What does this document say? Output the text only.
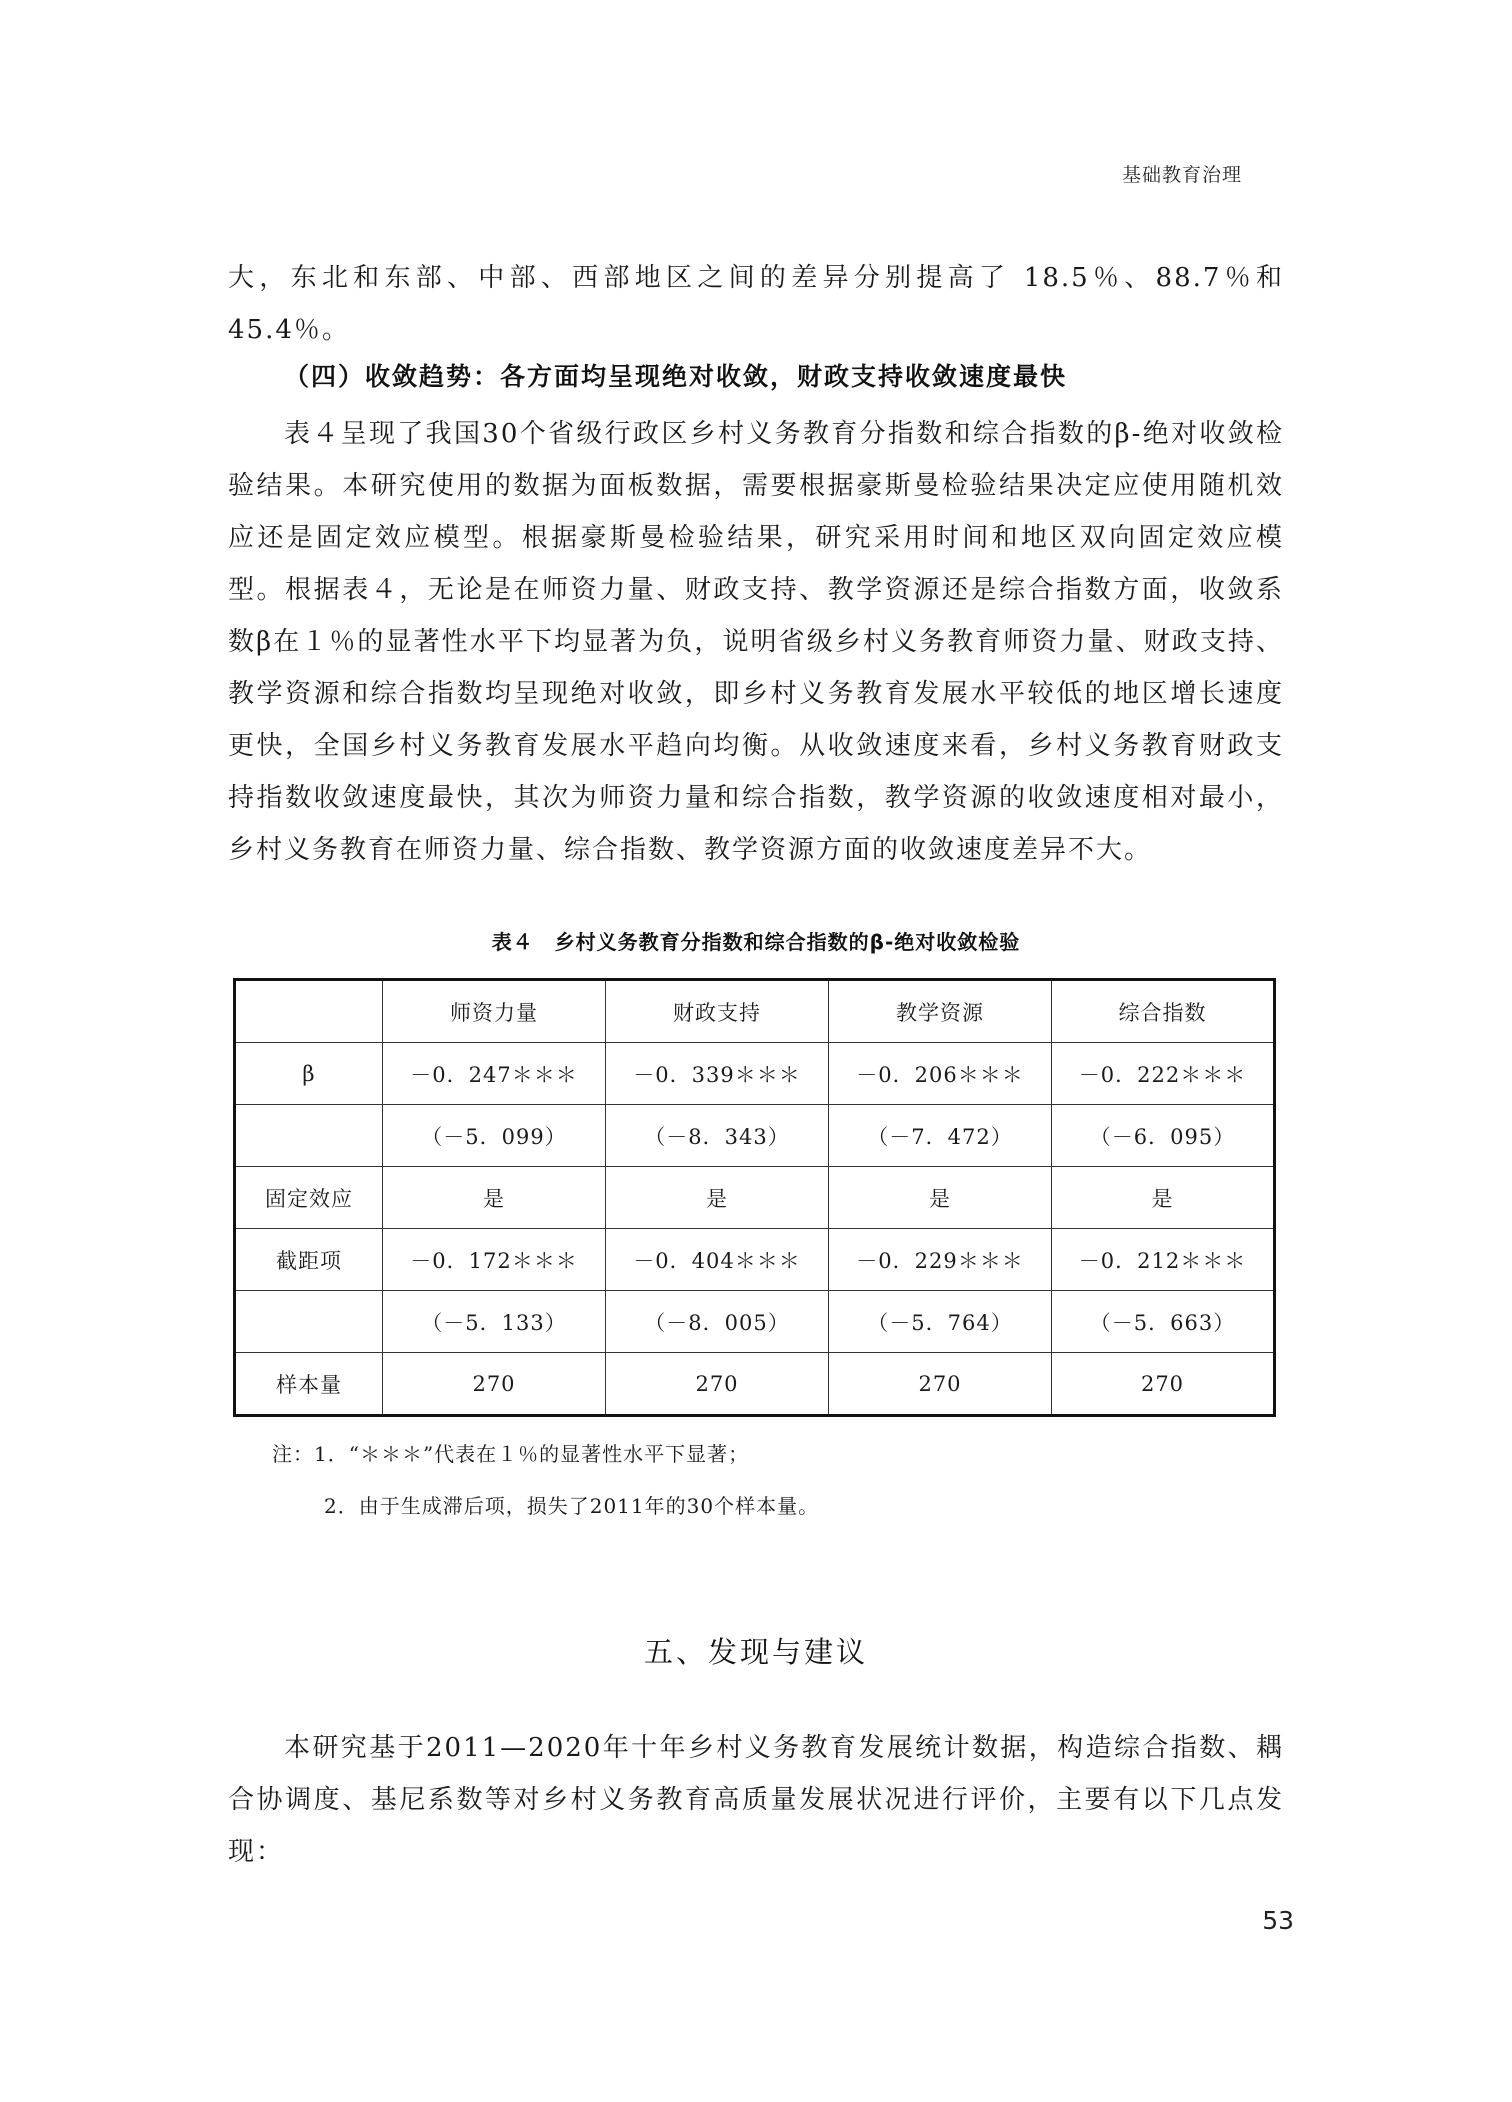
基础教育治理

大，东北和东部、中部、西部地区之间的差异分别提高了 18.5％、88.7％和45.4％。

（四）收敛趋势：各方面均呈现绝对收敛，财政支持收敛速度最快

表４呈现了我国30个省级行政区乡村义务教育分指数和综合指数的β-绝对收敛检验结果。本研究使用的数据为面板数据，需要根据豪斯曼检验结果决定应使用随机效应还是固定效应模型。根据豪斯曼检验结果，研究采用时间和地区双向固定效应模型。根据表４，无论是在师资力量、财政支持、教学资源还是综合指数方面，收敛系数β在１％的显著性水平下均显著为负，说明省级乡村义务教育师资力量、财政支持、教学资源和综合指数均呈现绝对收敛，即乡村义务教育发展水平较低的地区增长速度更快，全国乡村义务教育发展水平趋向均衡。从收敛速度来看，乡村义务教育财政支持指数收敛速度最快，其次为师资力量和综合指数，教学资源的收敛速度相对最小，乡村义务教育在师资力量、综合指数、教学资源方面的收敛速度差异不大。

表４　乡村义务教育分指数和综合指数的β-绝对收敛检验
	师资力量	财政支持	教学资源	综合指数
β	－0．247＊＊＊	－0．339＊＊＊	－0．206＊＊＊	－0．222＊＊＊
	（－5．099）	（－8．343）	（－7．472）	（－6．095）
固定效应	是	是	是	是
截距项	－0．172＊＊＊	－0．404＊＊＊	－0．229＊＊＊	－0．212＊＊＊
	（－5．133）	（－8．005）	（－5．764）	（－5．663）
样本量	270	270	270	270

注：1．“＊＊＊”代表在１％的显著性水平下显著；

2．由于生成滞后项，损失了2011年的30个样本量。

五、发现与建议

本研究基于2011—2020年十年乡村义务教育发展统计数据，构造综合指数、耦合协调度、基尼系数等对乡村义务教育高质量发展状况进行评价，主要有以下几点发现：

53
